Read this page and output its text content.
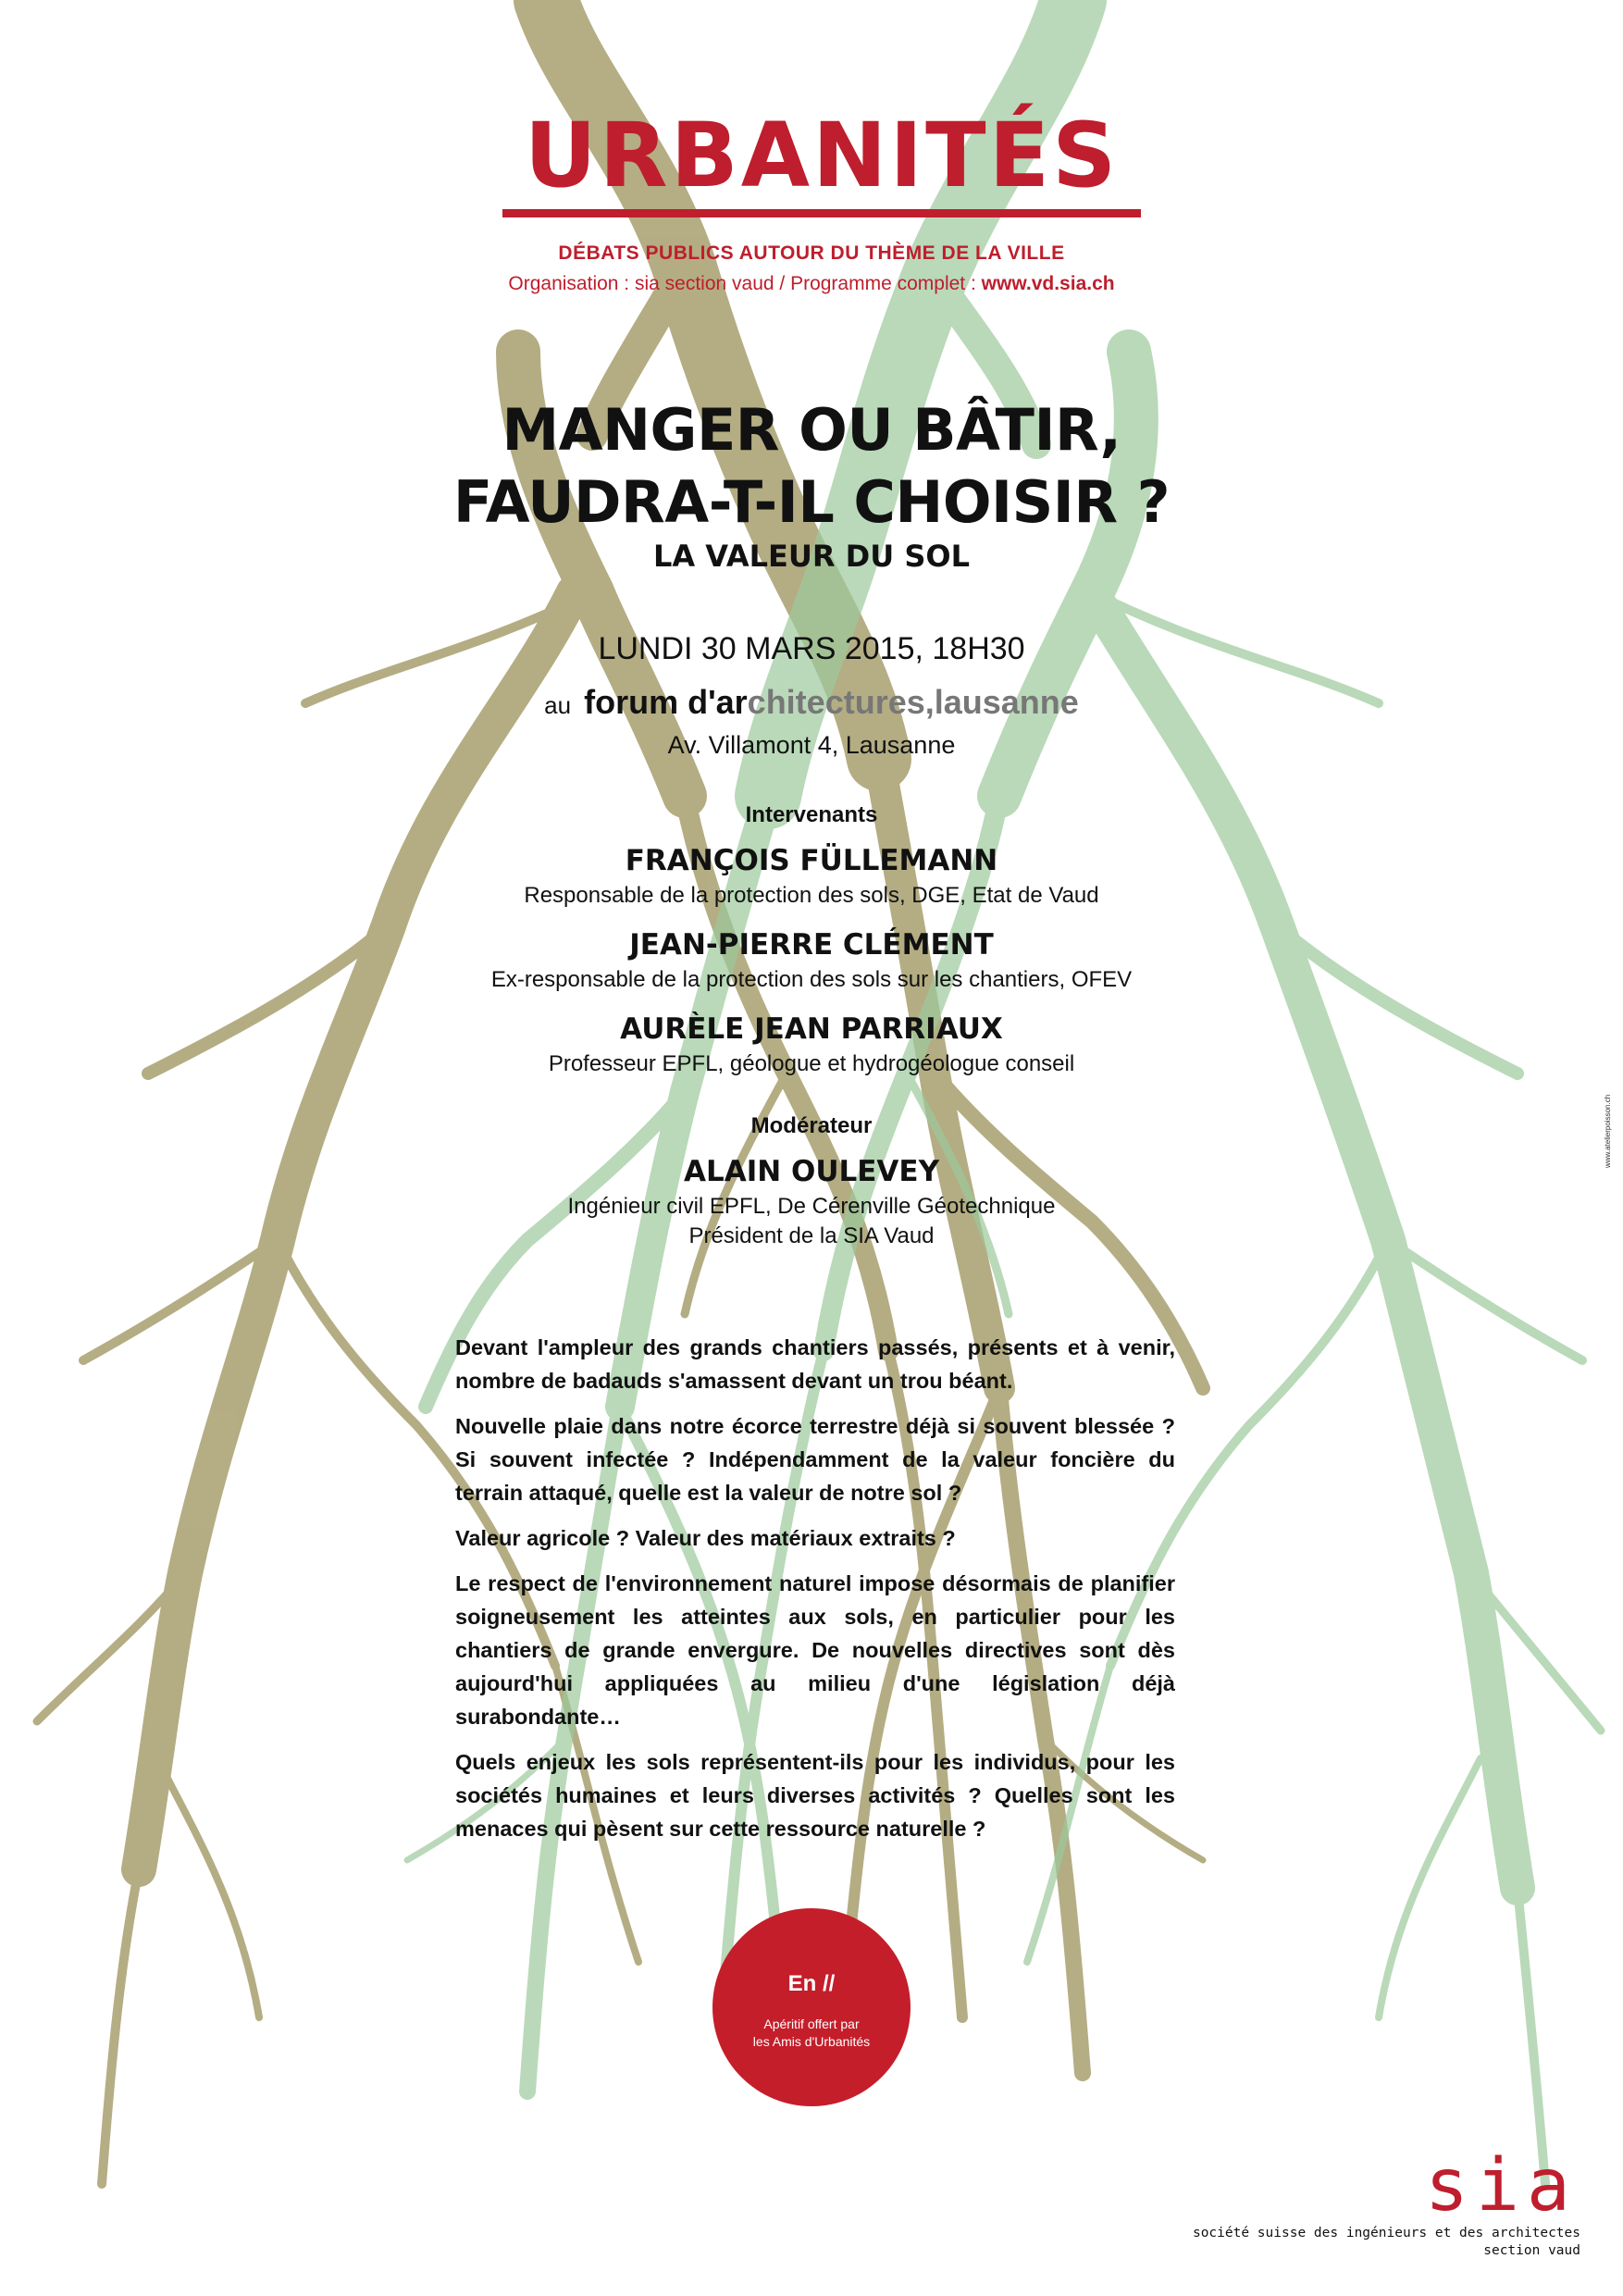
URBANITÉS
DÉBATS PUBLICS AUTOUR DU THÈME DE LA VILLE
Organisation : sia section vaud / Programme complet : www.vd.sia.ch
MANGER OU BÂTIR,
FAUDRA-T-IL CHOISIR ?
LA VALEUR DU SOL
LUNDI 30 MARS 2015, 18H30
au forum d'architectures,lausanne
Av. Villamont 4, Lausanne
Intervenants
FRANÇOIS FÜLLEMANN
Responsable de la protection des sols, DGE, Etat de Vaud
JEAN-PIERRE CLÉMENT
Ex-responsable de la protection des sols sur les chantiers, OFEV
AURÈLE JEAN PARRIAUX
Professeur EPFL, géologue et hydrogéologue conseil
Modérateur
ALAIN OULEVEY
Ingénieur civil EPFL, De Cérenville Géotechnique
Président de la SIA Vaud

Devant l'ampleur des grands chantiers passés, présents et à venir, nombre de badauds s'amassent devant un trou béant.

Nouvelle plaie dans notre écorce terrestre déjà si souvent blessée ? Si souvent infectée ? Indépendamment de la valeur foncière du terrain attaqué, quelle est la valeur de notre sol ?

Valeur agricole ? Valeur des matériaux extraits ?

Le respect de l'environnement naturel impose désormais de planifier soigneusement les atteintes aux sols, en particulier pour les chantiers de grande envergure. De nouvelles directives sont dès aujourd'hui appliquées au milieu d'une législation déjà surabondante…

Quels enjeux les sols représentent-ils pour les individus, pour les sociétés humaines et leurs diverses activités ? Quelles sont les menaces qui pèsent sur cette ressource naturelle ?

En //
Apéritif offert par
les Amis d'Urbanités
sia
société suisse des ingénieurs et des architectes
section vaud
www.atelierpoisson.ch
